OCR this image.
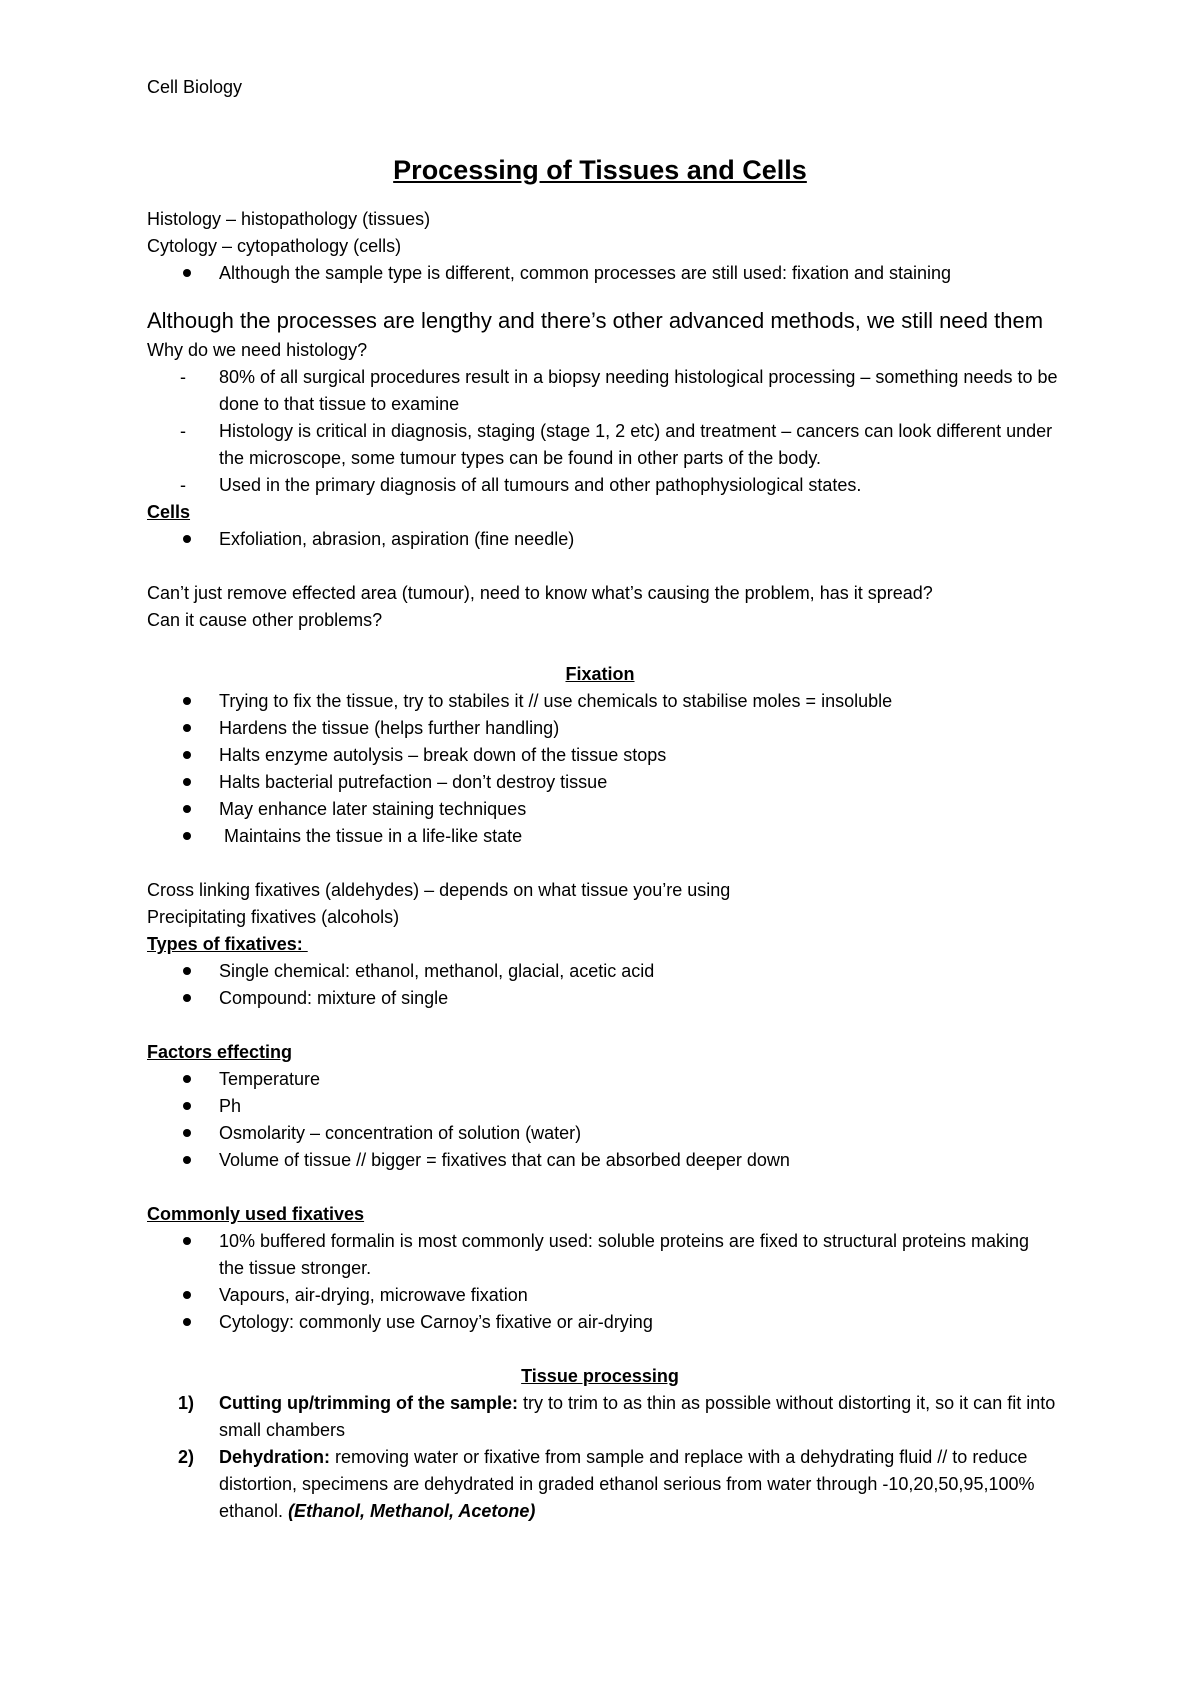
Cell Biology
Processing of Tissues and Cells
Histology – histopathology (tissues)
Cytology – cytopathology (cells)
Although the sample type is different, common processes are still used: fixation and staining
Although the processes are lengthy and there’s other advanced methods, we still need them
Why do we need histology?
- 80% of all surgical procedures result in a biopsy needing histological processing – something needs to be done to that tissue to examine
- Histology is critical in diagnosis, staging (stage 1, 2 etc) and treatment – cancers can look different under the microscope, some tumour types can be found in other parts of the body.
- Used in the primary diagnosis of all tumours and other pathophysiological states.
Cells
Exfoliation, abrasion, aspiration (fine needle)
Can’t just remove effected area (tumour), need to know what’s causing the problem, has it spread?
Can it cause other problems?
Fixation
Trying to fix the tissue, try to stabiles it // use chemicals to stabilise moles = insoluble
Hardens the tissue (helps further handling)
Halts enzyme autolysis – break down of the tissue stops
Halts bacterial putrefaction – don’t destroy tissue
May enhance later staining techniques
Maintains the tissue in a life-like state
Cross linking fixatives (aldehydes) – depends on what tissue you’re using
Precipitating fixatives (alcohols)
Types of fixatives:
Single chemical: ethanol, methanol, glacial, acetic acid
Compound: mixture of single
Factors effecting
Temperature
Ph
Osmolarity – concentration of solution (water)
Volume of tissue // bigger = fixatives that can be absorbed deeper down
Commonly used fixatives
10% buffered formalin is most commonly used: soluble proteins are fixed to structural proteins making the tissue stronger.
Vapours, air-drying, microwave fixation
Cytology: commonly use Carnoy’s fixative or air-drying
Tissue processing
1) Cutting up/trimming of the sample: try to trim to as thin as possible without distorting it, so it can fit into small chambers
2) Dehydration: removing water or fixative from sample and replace with a dehydrating fluid // to reduce distortion, specimens are dehydrated in graded ethanol serious from water through -10,20,50,95,100% ethanol. (Ethanol, Methanol, Acetone)
